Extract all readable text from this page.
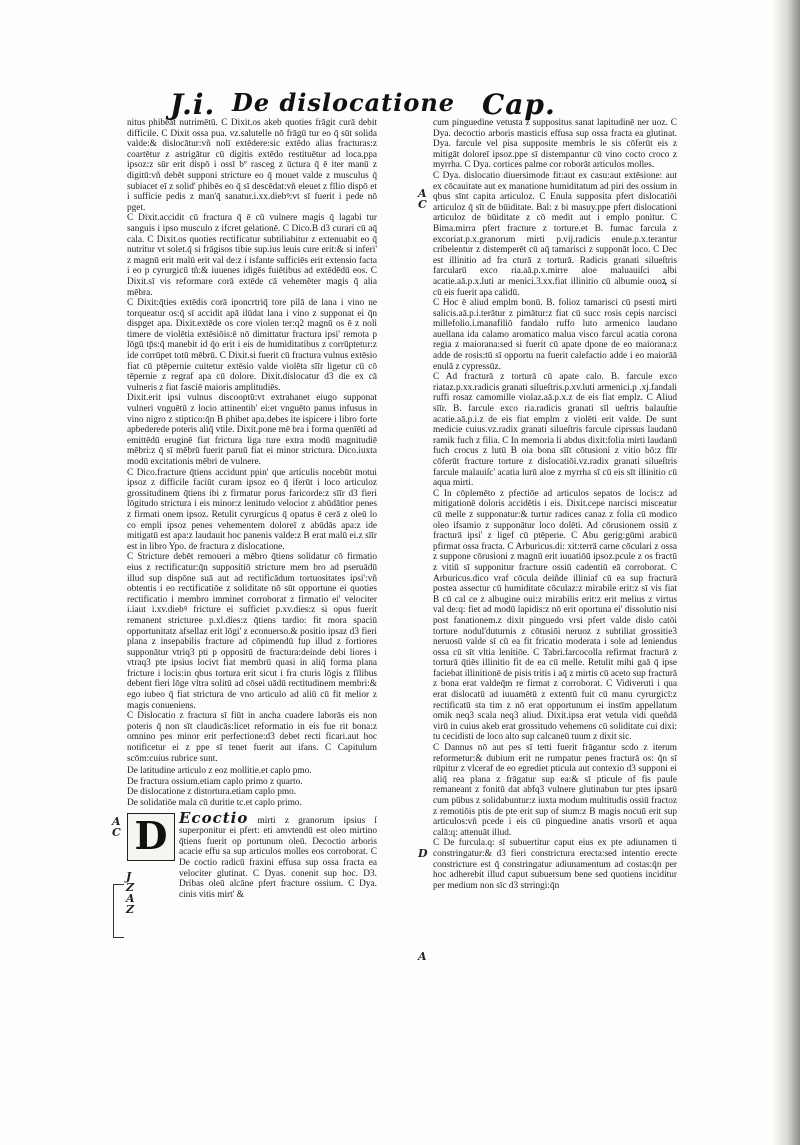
J.i. De dislocatione Cap.
A
C
J
Z
A
Z
A
C
D
A

nitus phibeat nutrimētū. C Dixit.os akeb quoties frāgit curā debit difficile. C Dixit ossa pua. vz.salutelle nō frāgū tur eo q̄ sūt solida valde:& dislocātur:vñ nolī extēdere:sic extēdo alias fracturas:z coartētur z astrigātur cū digitis extēdo restituētur ad loca.ppa ipsoz:z sūr erit dispō i ossī bº rasceg z ūctura q̄ ē iter manū z digitū:vñ debēt supponi stricture eo q̄ mouet valde z musculus q̄ subiacet eī z solid' phibēs eo q̄ sī descēdat:vñ eleuet z fīlio dispō et i sufficie pedis z man'q̄ sanatur.i.xx.diebꝰ:vt sī fuerit i pede nō pget.

C Dixit.accidit cū fractura q̄ ē cū vulnere magis q̄ lagabi tur sanguis i ipso musculo z ifcret gelationē. C Dico.B d3 curari cū aq̄ cala. C Dixit.os quoties rectificatur subtiliabitur z extenuabit eo q̄ nutritur vt solet.q̄ si frāgisos tibie sup.ius leuis cure erit:& si inferi' z magnū erit malū erit val de:z i isfante sufficiēs erit extensio facta i eo p cyrurgicū tñ:& iuuenes idigēs fuiētibus ad extēdēdū eos. C Dixit.sī vis reformare corā extēde cā vehemēter magis q̄ alia mēbra.

C Dixit:q̄ties extēdis corā iponcrtriq̄ tore pilā de lana i vino ne torqueatur os:q̄ sī accidit apā ilūdat lana i vino z supponat ei q̄n dispget apa. Dixit.extēde os core violen ter:q2 magnū os ē z noli timere de violētia extēsiōis:ē nō dimittatur fractura ipsi' remota p lōgū tp̄s:q̄ manebit id q̄o erit i eis de humiditatibus z corrūptetur:z ide corrūpet totū mēbrū. C Dixit.si fuerit cū fractura vulnus extēsio fiat cū ptēpernie cuitetur extēsio valde violēta sīīr ligetur cū cō tēpernie z regraf apa cū dolore. Dixit.dislocatur d3 die ex cā vulneris z fiat fasciē maioris amplitudiēs.

Dixit.erit ipsi vulnus discooptū:vt extrahanet eiugo supponat vulneri vnguētū z locio attinentib' ei:et vnguēto panus infusus in vino nigro z stiptico:q̄n B phibet apa.debes ite ispicere i libro forte apbederede poteris aliq̄ vtile. Dixit.pone mē bra i forma quenīēti ad emittēdū eruginē fiat frictura liga ture extra modū magnitudiē mēbri:z q̄ sī mēbrū fuerit paruū fiat ei minor strictura. Dico.iuxta modū excitationis mēbri de vulnere.

C Dico.fracture q̄tiens accidunt ppin' que articulis nocebūt motui ipsoz z difficile faciūt curam ipsoz eo q̄ iferūt i loco articuloz grossitudinem q̄tiens ibi z firmatur porus faricorde:z sīīr d3 fieri lōgitudo strictura i eis minor:z lenitudo velocior z abūdātior penes z firmati onem ipsoz. Retulit cyrurgicus q̄ opatus ē cerā z oleū lo co empli ipsoz penes vehementem doloreī z abūdās apa:z ide mitigatū est apa:z laudauit hoc panenis valde:z B erat malū ei.z sīīr est in libro Ypo. de fractura z dislocatione.

C Stricture debēt remoueri a mēbro q̄tiens solidatur cō firmatio eius z rectificatur:q̄n suppositiō stricture mem bro ad pseruādū illud sup dispōne suā aut ad rectificādum tortuositates ipsi':vñ obtentis i eo rectificatiōe z soliditate nō sūt opportune ei quoties rectificatio i membro imminet corroborat z firmatio ei' velociter i.iaut i.xv.diebꝰ fricture ei sufficiet p.xv.dies:z si opus fuerit remanent stricturee p.xl.dies:z q̄tiens tardio: fit mora spaciū opportunitatz afsellaz erit lōgi' z econuerso.& positio ipsaz d3 fieri plana z insepabilis fracture ad cōpimendū fup illud z fortiores supponātur vtriq3 pti p oppositū de fractura:deinde debi liores i vtraq3 pte ipsius locivt fiat membrū quasi in aliq̄ forma plana fricture i locis:in qbus tortura erit sicut i fra cturis lōgis z fīlibus debent fieri lōge vltra solitū ad cōsei uādū rectitudinem membri:& ego iubeo q̄ fiat strictura de vno articulo ad aliū cū fit melior z magis conueniens.

C Dislocatio z fractura sī fiūt in ancha cuadere laborās eis non poteris q̄ non sīt claudicās:licet reformatio in eis fue rit bona:z omnino pes minor erit perfectione:d3 debet recti ficari.aut hoc notificetur ei z ppe sī tenet fuerit aut ifans. C Capitulum scōm:cuius rubrice sunt.

De latitudine articulo z eoz mollitie.et caplo pmo.
De fractura ossium.etiam caplo primo z quarto.
De dislocatione z distortura.etiam caplo pmo.
De solidatiōe mala cū duritie tc.et caplo primo.
D Ecoctio mirti z granorum ipsius ſ superponitur ei pfert: eti amvtendū est oleo mirtino q̄tiens fuerit op portunum oleū. Decoctio arboris acacie effu sa sup articulos molles eos corroborat. C De coctio radicū fraxini effusa sup ossa fracta ea velociter glutinat. C Dyas. conenit sup hoc. D3. Dribas oleū alcāne pfert fracture ossium. C Dya. cinis vitis mirt' &

cum pinguedine vetusta z suppositus sanat lapitudinē ner uoz. C Dya. decoctio arboris masticis effusa sup ossa fracta ea glutinat. Dya. farcule vel pisa supposite membris le sis cōferūt eis z mitigāt doloreī ipsoz.ppe sī distempantur cū vino cocto croco z myrrha. C Dya. cortices palme cor roborāt articulos molles.

C Dya. dislocatio diuersimode fit:aut ex casu:aut extēsione: aut ex cōcauitate aut ex manatione humiditatum ad piri des ossium in qbus sīnt capita articuloz. C Enula supposita pfert dislocatiōi articuloz q̄ sīt de būiditate. Bal: z bi masuy.ppe pfert dislocationi articuloz de būiditate z cō medit aut i emplo ponitur. C Bima.mirra pfert fracture z torture.et B. fumac farcula z excoriat.p.x.granorum mirti p.vij.radicis enule.p.x.terantur cribelentur z distemperēt cū aq̄ tamarisci z supponāt loco. C Dec est illinitio ad fra cturā z torturā. Radicis granati silueſtris farcularū exco ria.aā.p.x.mirre aloe maluauiſci albi acatie.aā.p.x.luti ar menici.3.xx.fiat illinitio cū albumie ouoꝝ si cū eis fuerit apa calidū.

C Hoc ē aliud emplm bonū. B. folioz tamarisci cū psesti mirti salicis.aā.p.i.terātur z pimātur:z fiat cū succ rosis cepis narcisci millefolio.i.manafiliō fandalo ruffo luto armenico laudano auellana ida calamo aromatico malua visco farcul acatia corona regia z maiorana:sed si fuerit cū apate dpone de eo maiorana:z adde de rosis:tū sī opportu na fuerit calefactio adde i eo maiorāā enulā z cypressūz.

C Ad fracturā z torturā cū apate calo. B. farcule exco riataz.p.xx.radicis granati silueſtris.p.xv.luti armenici.p .xj.fandali ruffi rosaz camomille violaz.aā.p.x.z de eis fiat emplz. C Aliud sīīr. B. farcule exco ria.radicis granati sīl ueſtris balauſtie acatie.aā.p.i.z de eis fiat emplm z violēti erit valde. De sunt medicie cuius.vz.radix granati silueſtris farcule ciprssus laudanū ramik fuch z filia. C In memoria li abdus dixit:folia mirti laudanū fuch crocus z lutū B oia bona sīīt cōtusioni z vitio bō:z fīīr cōferūt fracture torture z dislocatiōi.vz.radix granati silueſtris farcule malauiſc' acatia lurū aloe z myrrha sī cū eis sīt illinitio cū aqua mirti.

C In cōplemēto z pfectiōe ad articulos sepatos de locis:z ad mitigationē doloris accidētis i eis. Dixit.cepe narcisci misceatur cū melle z supponatur:& turtur radices canaz z folia cū modico oleo ifsamio z supponātur loco dolēti. Ad cōrusionem ossiū z fracturā ipsi' z ligef cū ptēperie. C Abu gerig:gūmi arabicū pfirmat ossa fracta. C Arburicus.di: xit:terrā carne cōculari z ossa z suppone cōrusioni z magnū erit iuuatiōū ipsoz.pcule z os fractū z vitiū sī supponitur fracture ossiū cadentiū eā corroborat. C Arburicus.dico vraf cōcula deiñde illiniaf cū ea sup fracturā postea assectur cū humiditate cōculaz:z mirabile erit:z sī vis fiat B cū cal ce z albugine oui:z mirabilis erit:z erit melius z virtus val de:q: fiet ad modū lapidis:z nō erit oportuna ei' dissolutio nisi post fanationem.z dixit pinguedo vrsi pfert valde dislo catōi torture nodul'duturnis z cōtusiōi neruoz z subtiliat grossitie3 neruosū valde sī cū ea fit fricatio moderata i sole ad leniendus ossa cū sīt vltia lenitiōe. C Tabri.farcocolla refirmat fracturā z torturā q̄tiēs illinitio fit de ea cū melle. Retulit mihi gaā q̄ ipse faciebat illinitionē de pisis tritis i aq̄ z mirtis cū aceto sup fracturā z bona erat valdeq̄m re firmat z corroborat. C Vidiveruti i qua erat dislocatū ad iuuamētū z extentū fuit cū manu cyrurgicī:z rectificatū sta tim z nō erat opportunum ei instīm appellatum omik neq3 scala neq3 aliud. Dixit.ipsa erat vetula vidi queñdā virū in cuius akeb erat grossitudo vehemens cū soliditate cui dixi: tu cecidisti de loco alto sup calcaneū tuum z dixit sic.

C Dannus nō aut pes sī tetti fuerit frāgantur scdo z iterum reformetur:& dubium erit ne rumpatur penes fracturā os: q̄n sī rūpitur z vlceraf de eo egrediet pticula aut contexio d3 supponi ei aliq̄ rea plana z frāgatur sup ea:& sī pticule of fis paule remaneant z fonitū dat abfq3 vulnere glutinabun tur ptes ipsarū cum pūbus z solidabuntur:z iuxta modum multitudis ossiū fractoz z remotiōis ptis de pte erit sup of sium:z B magis nocuū erit sup articulos:vñ pcede i eis cū pinguedine anatis vrsorū et aqua calā:q: attenuāt illud.

C De furcula.q: sī subuertitur caput eius ex pte adiunamen ti constringatur:& d3 fieri constrictura erecta:sed intentio erecte constricture est q̄ constringatur adiunamentum ad costas:q̄n per hoc adherebit illud caput subuersum bene sed quotiens inciditur per medium non sīc d3 strringi:q̄n
